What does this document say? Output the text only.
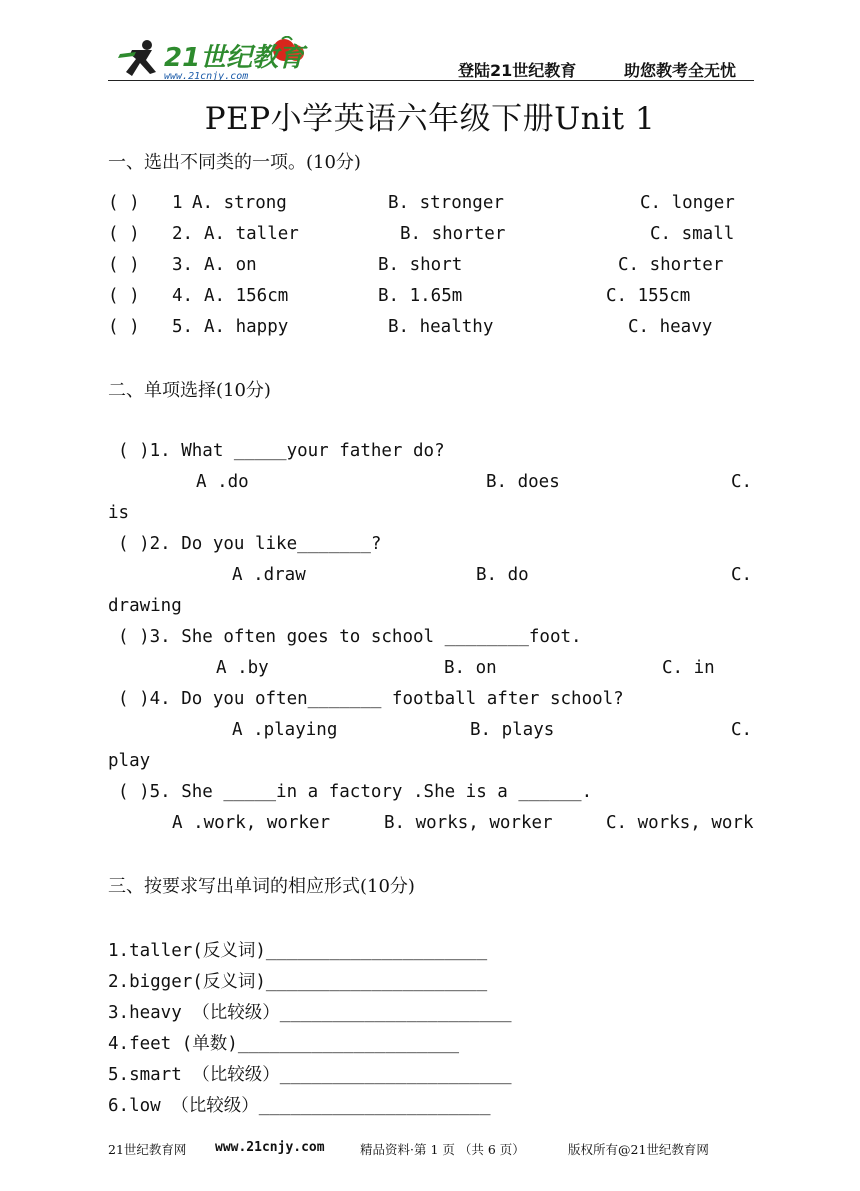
21世纪教育
www.21cnjy.com	登陆21世纪教育	助您教考全无忧
PEP小学英语六年级下册Unit 1
一、选出不同类的一项。(10分)
( ) 1 A. strong	B. stronger	C. longer
( ) 2. A. taller	B. shorter	C. small
( ) 3. A. on	B. short	C. shorter
( ) 4. A. 156cm	B. 1.65m	C. 155cm
( ) 5. A. happy	B. healthy	C. heavy
二、单项选择(10分)
( )1. What _____your father do?
A .do	B. does	C.
is
( )2. Do you like_______?
A .draw	B. do	C.
drawing
( )3. She often goes to school ________foot.
A .by	B. on	C. in
( )4. Do you often_______ football after school?
A .playing	B. plays	C.
play
( )5. She _____in a factory .She is a ______.
A .work, worker	B. works, worker	C. works, work
三、按要求写出单词的相应形式(10分)
1.taller(反义词)_____________________
2.bigger(反义词)_____________________
3.heavy （比较级）______________________
4.feet (单数)_____________________
5.smart （比较级）______________________
6.low （比较级）______________________
21世纪教育网 www.21cnjy.com	精品资料·第 1 页 （共 6 页）	版权所有@21世纪教育网
